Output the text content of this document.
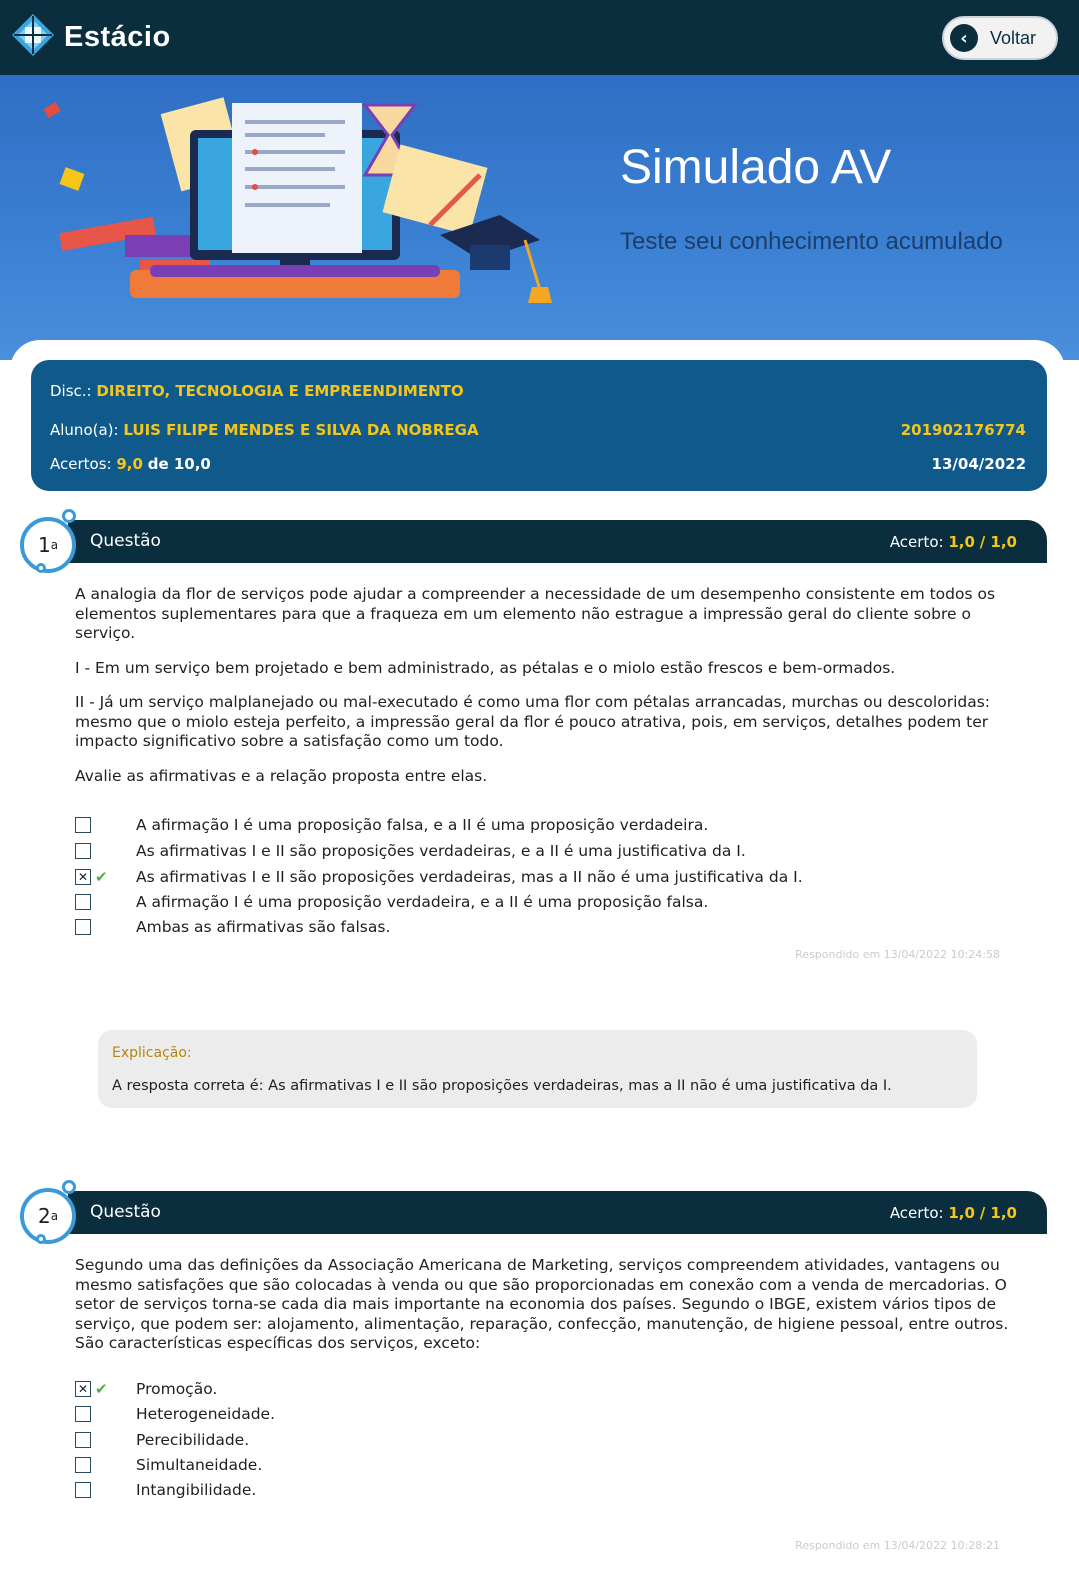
Estácio	‹	Voltar
Simulado AV
Teste seu conhecimento acumulado
Disc.: DIREITO, TECNOLOGIA E EMPREENDIMENTO
Aluno(a): LUIS FILIPE MENDES E SILVA DA NOBREGA	201902176774
Acertos: 9,0 de 10,0	13/04/2022
Questão	Acerto: 1,0 / 1,0
1 a

A analogia da flor de serviços pode ajudar a compreender a necessidade de um desempenho consistente em todos os elementos suplementares para que a fraqueza em um elemento não estrague a impressão geral do cliente sobre o serviço.

I - Em um serviço bem projetado e bem administrado, as pétalas e o miolo estão frescos e bem-ormados.

II - Já um serviço malplanejado ou mal-executado é como uma flor com pétalas arrancadas, murchas ou descoloridas: mesmo que o miolo esteja perfeito, a impressão geral da flor é pouco atrativa, pois, em serviços, detalhes podem ter impacto significativo sobre a satisfação como um todo.

Avalie as afirmativas e a relação proposta entre elas.

A afirmação I é uma proposição falsa, e a II é uma proposição verdadeira.
As afirmativas I e II são proposições verdadeiras, e a II é uma justificativa da I.
✕ ✔	As afirmativas I e II são proposições verdadeiras, mas a II não é uma justificativa da I.
A afirmação I é uma proposição verdadeira, e a II é uma proposição falsa.
Ambas as afirmativas são falsas.
Respondido em 13/04/2022 10:24:58
Explicação:
A resposta correta é: As afirmativas I e II são proposições verdadeiras, mas a II não é uma justificativa da I.
Questão	Acerto: 1,0 / 1,0
2 a

Segundo uma das definições da Associação Americana de Marketing, serviços compreendem atividades, vantagens ou mesmo satisfações que são colocadas à venda ou que são proporcionadas em conexão com a venda de mercadorias. O setor de serviços torna-se cada dia mais importante na economia dos países. Segundo o IBGE, existem vários tipos de serviço, que podem ser: alojamento, alimentação, reparação, confecção, manutenção, de higiene pessoal, entre outros. São características específicas dos serviços, exceto:

✕ ✔	Promoção.
Heterogeneidade.
Perecibilidade.
Simultaneidade.
Intangibilidade.
Respondido em 13/04/2022 10:28:21
